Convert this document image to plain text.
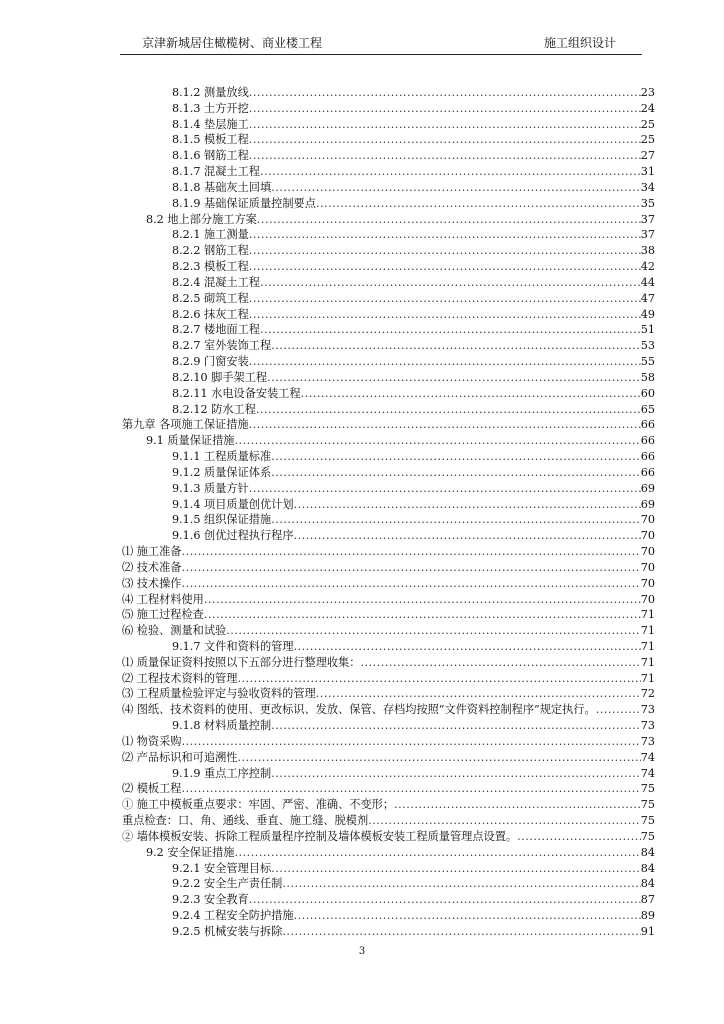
京津新城居住橄榄树、商业楼工程	施工组织设计
8.1.2 测量放线 .....	23
8.1.3 土方开挖 .....	24
8.1.4 垫层施工 .....	25
8.1.5 模板工程 .....	25
8.1.6 钢筋工程 .....	27
8.1.7 混凝土工程 .....	31
8.1.8 基础灰土回填 .....	34
8.1.9 基础保证质量控制要点 .....	35
8.2 地上部分施工方案 .....	37
8.2.1 施工测量 .....	37
8.2.2 钢筋工程 .....	38
8.2.3 模板工程 .....	42
8.2.4 混凝土工程 .....	44
8.2.5 砌筑工程 .....	47
8.2.6 抹灰工程 .....	49
8.2.7 楼地面工程 .....	51
8.2.7 室外装饰工程 .....	53
8.2.9 门窗安装 .....	55
8.2.10 脚手架工程 .....	58
8.2.11 水电设备安装工程 .....	60
8.2.12 防水工程 .....	65
第九章 各项施工保证措施 .....	66
9.1 质量保证措施 .....	66
9.1.1 工程质量标准 .....	66
9.1.2 质量保证体系 .....	66
9.1.3 质量方针 .....	69
9.1.4 项目质量创优计划 .....	69
9.1.5 组织保证措施 .....	70
9.1.6 创优过程执行程序 .....	70
⑴ 施工准备 .....	70
⑵ 技术准备 .....	70
⑶ 技术操作 .....	70
⑷ 工程材料使用 .....	70
⑸ 施工过程检查 .....	71
⑹ 检验、测量和试验 .....	71
9.1.7 文件和资料的管理 .....	71
⑴ 质量保证资料按照以下五部分进行整理收集： .....	71
⑵ 工程技术资料的管理 .....	71
⑶ 工程质量检验评定与验收资料的管理 .....	72
⑷ 图纸、技术资料的使用、更改标识、发放、保管、存档均按照“文件资料控制程序”规定执行。 .....	73
9.1.8 材料质量控制 .....	73
⑴ 物资采购 .....	73
⑵ 产品标识和可追溯性 .....	74
9.1.9 重点工序控制 .....	74
⑵ 模板工程 .....	75
① 施工中模板重点要求：牢固、严密、准确、不变形； .....	75
重点检查：口、角、通线、垂直、施工缝、脱模剂 .....	75
② 墙体模板安装、拆除工程质量程序控制及墙体模板安装工程质量管理点设置。 .....	75
9.2 安全保证措施 .....	84
9.2.1 安全管理目标 .....	84
9.2.2 安全生产责任制 .....	84
9.2.3 安全教育 .....	87
9.2.4 工程安全防护措施 .....	89
9.2.5 机械安装与拆除 .....	91
3
